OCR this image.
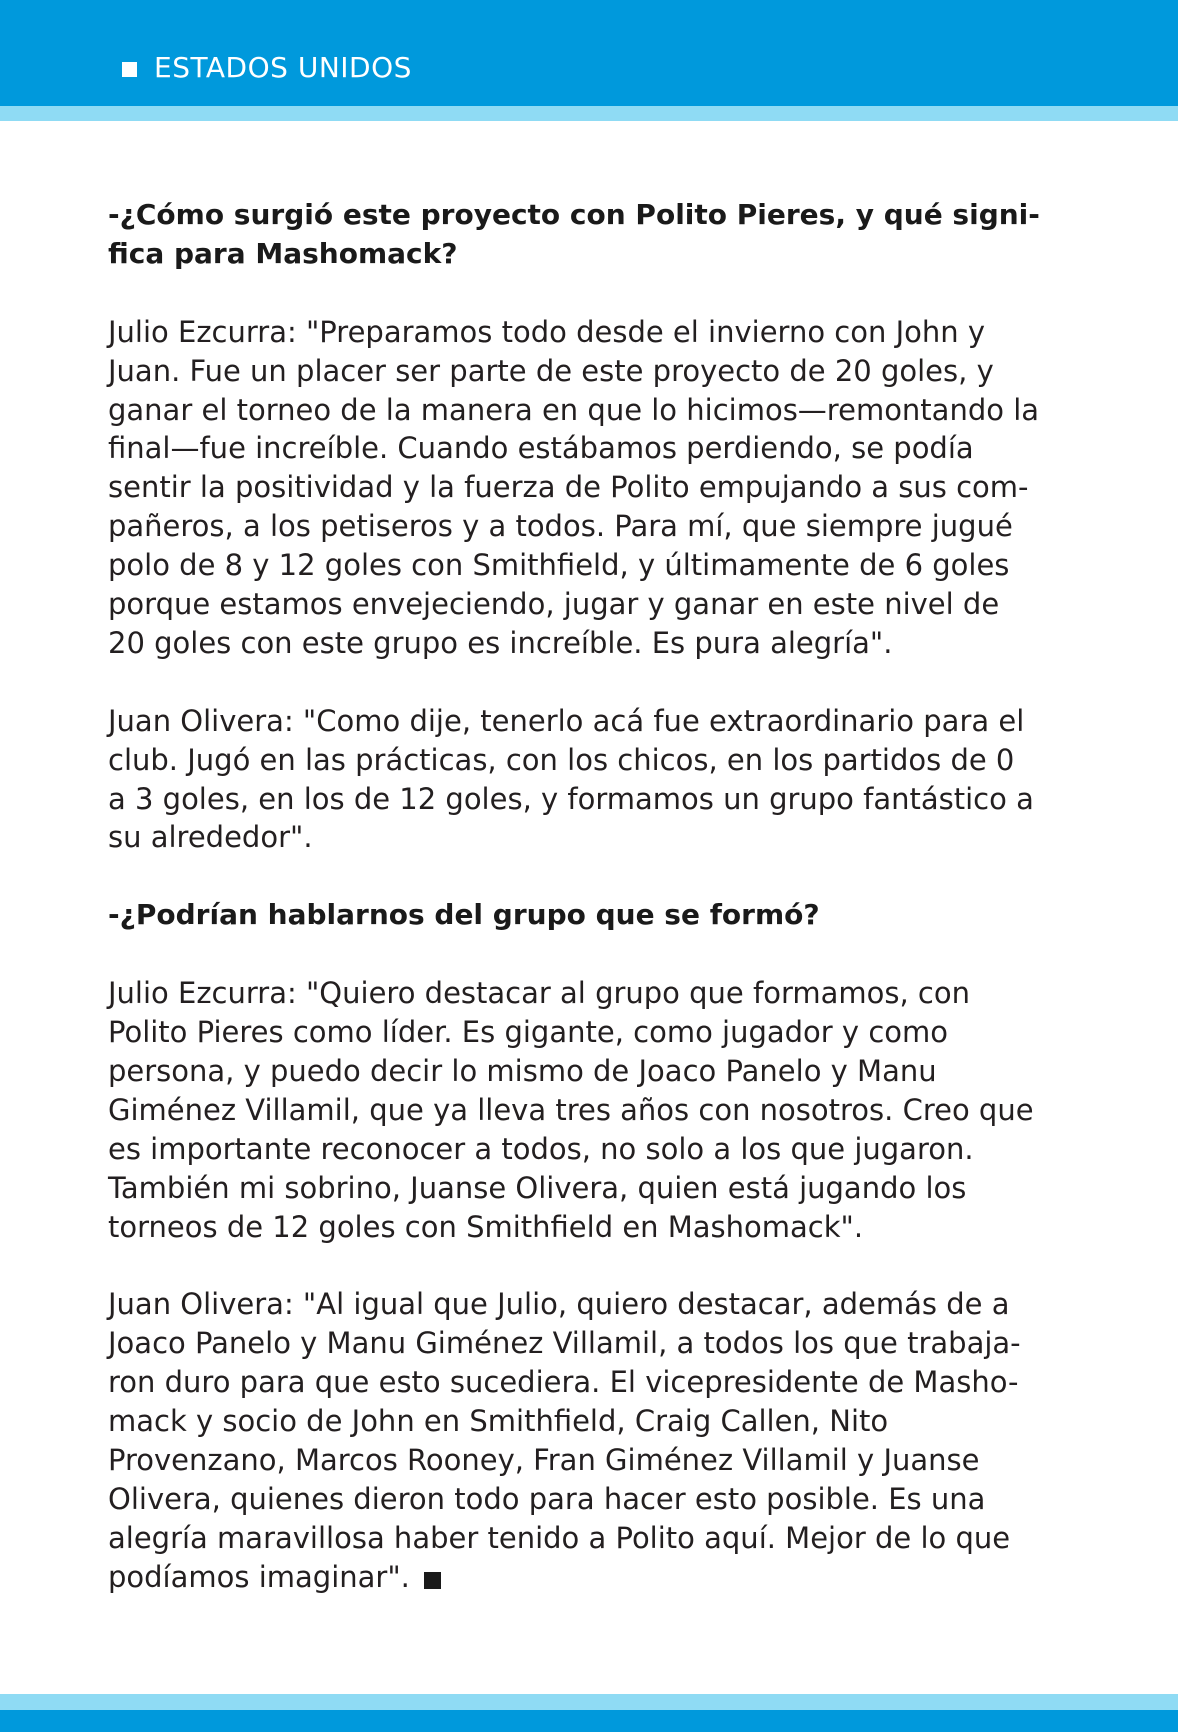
ESTADOS UNIDOS

-¿Cómo surgió este proyecto con Polito Pieres, y qué signi-
fica para Mashomack?

Julio Ezcurra: "Preparamos todo desde el invierno con John y
Juan. Fue un placer ser parte de este proyecto de 20 goles, y
ganar el torneo de la manera en que lo hicimos—remontando la
final—fue increíble. Cuando estábamos perdiendo, se podía
sentir la positividad y la fuerza de Polito empujando a sus com-
pañeros, a los petiseros y a todos. Para mí, que siempre jugué
polo de 8 y 12 goles con Smithfield, y últimamente de 6 goles
porque estamos envejeciendo, jugar y ganar en este nivel de
20 goles con este grupo es increíble. Es pura alegría".

Juan Olivera: "Como dije, tenerlo acá fue extraordinario para el
club. Jugó en las prácticas, con los chicos, en los partidos de 0
a 3 goles, en los de 12 goles, y formamos un grupo fantástico a
su alrededor".

-¿Podrían hablarnos del grupo que se formó?

Julio Ezcurra: "Quiero destacar al grupo que formamos, con
Polito Pieres como líder. Es gigante, como jugador y como
persona, y puedo decir lo mismo de Joaco Panelo y Manu
Giménez Villamil, que ya lleva tres años con nosotros. Creo que
es importante reconocer a todos, no solo a los que jugaron.
También mi sobrino, Juanse Olivera, quien está jugando los
torneos de 12 goles con Smithfield en Mashomack".

Juan Olivera: "Al igual que Julio, quiero destacar, además de a
Joaco Panelo y Manu Giménez Villamil, a todos los que trabaja-
ron duro para que esto sucediera. El vicepresidente de Masho-
mack y socio de John en Smithfield, Craig Callen, Nito
Provenzano, Marcos Rooney, Fran Giménez Villamil y Juanse
Olivera, quienes dieron todo para hacer esto posible. Es una
alegría maravillosa haber tenido a Polito aquí. Mejor de lo que
podíamos imaginar".
